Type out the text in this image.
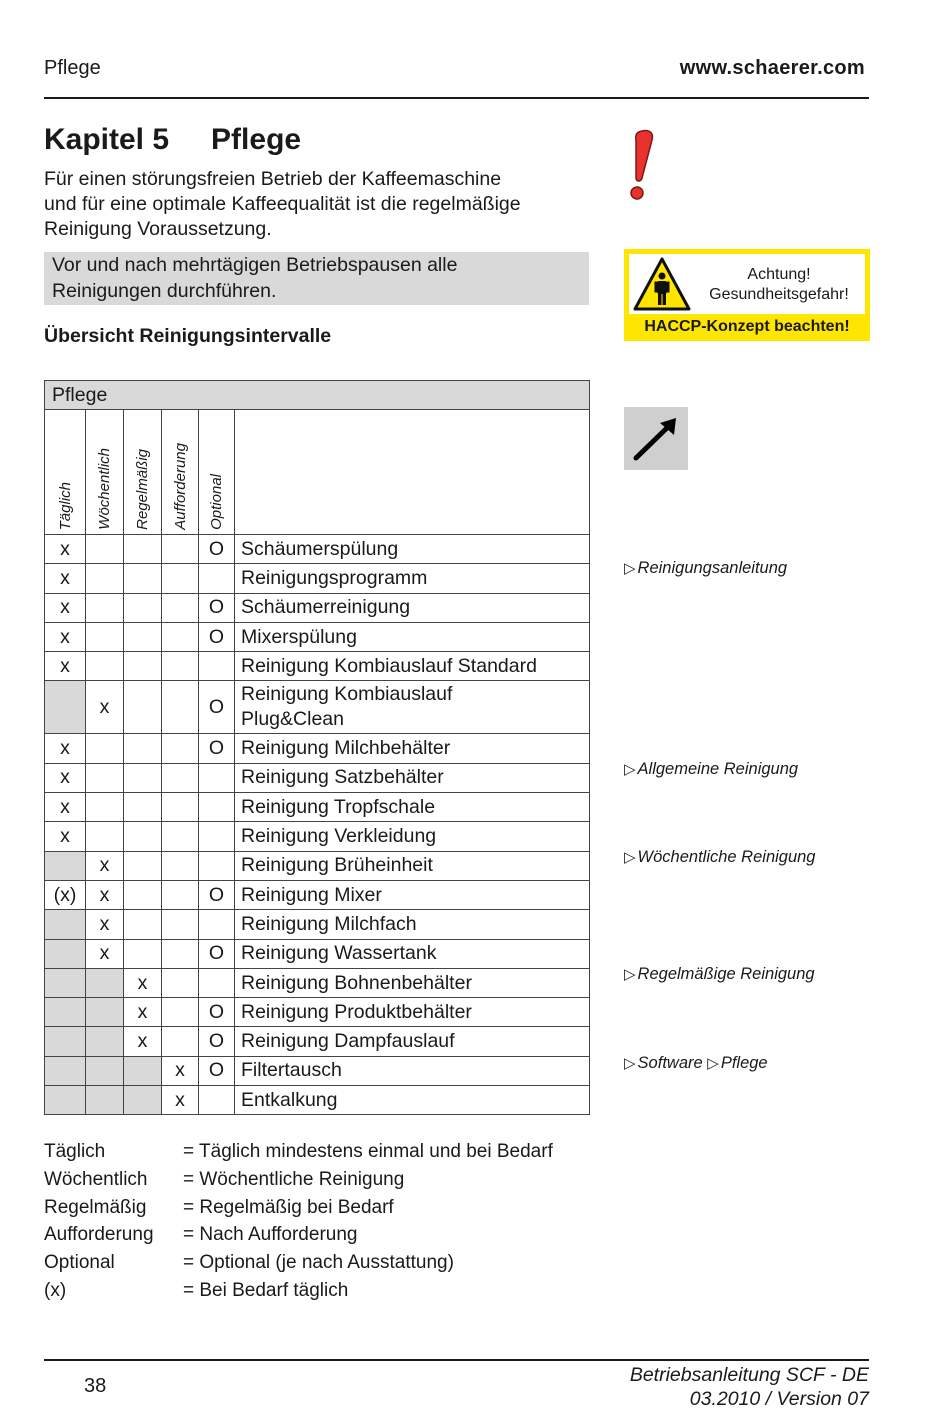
Pflege	www.schaerer.com
Kapitel 5 Pflege
Für einen störungsfreien Betrieb der Kaffeemaschine
und für eine optimale Kaffeequalität ist die regelmäßige
Reinigung Voraussetzung.
Vor und nach mehrtägigen Betriebspausen alle
Reinigungen durchführen.
Übersicht Reinigungsintervalle
Pflege					

Täglich	Wöchentlich	Regelmäßig	Aufforderung	Optional	

x				O	Schäumerspülung

x					Reinigungsprogramm

x				O	Schäumerreinigung

x				O	Mixerspülung

x					Reinigung Kombiauslauf Standard

	x			O	Reinigung Kombiauslauf
Plug&Clean

x				O	Reinigung Milchbehälter

x					Reinigung Satzbehälter

x					Reinigung Tropfschale

x					Reinigung Verkleidung

	x				Reinigung Brüheinheit

(x)	x			O	Reinigung Mixer

	x				Reinigung Milchfach

	x			O	Reinigung Wassertank

		x			Reinigung Bohnenbehälter

		x		O	Reinigung Produktbehälter

		x		O	Reinigung Dampfauslauf

			x	O	Filtertausch

			x		Entkalkung
Täglich	= Täglich mindestens einmal und bei Bedarf
Wöchentlich	= Wöchentliche Reinigung
Regelmäßig	= Regelmäßig bei Bedarf
Aufforderung	= Nach Aufforderung
Optional	= Optional (je nach Ausstattung)
(x)	= Bei Bedarf täglich
Achtung!
Gesundheitsgefahr!
HACCP-Konzept beachten!
▷ Reinigungsanleitung
▷ Allgemeine Reinigung
▷ Wöchentliche Reinigung
▷ Regelmäßige Reinigung
▷ Software ▷ Pflege
38	Betriebsanleitung SCF - DE
03.2010 / Version 07
